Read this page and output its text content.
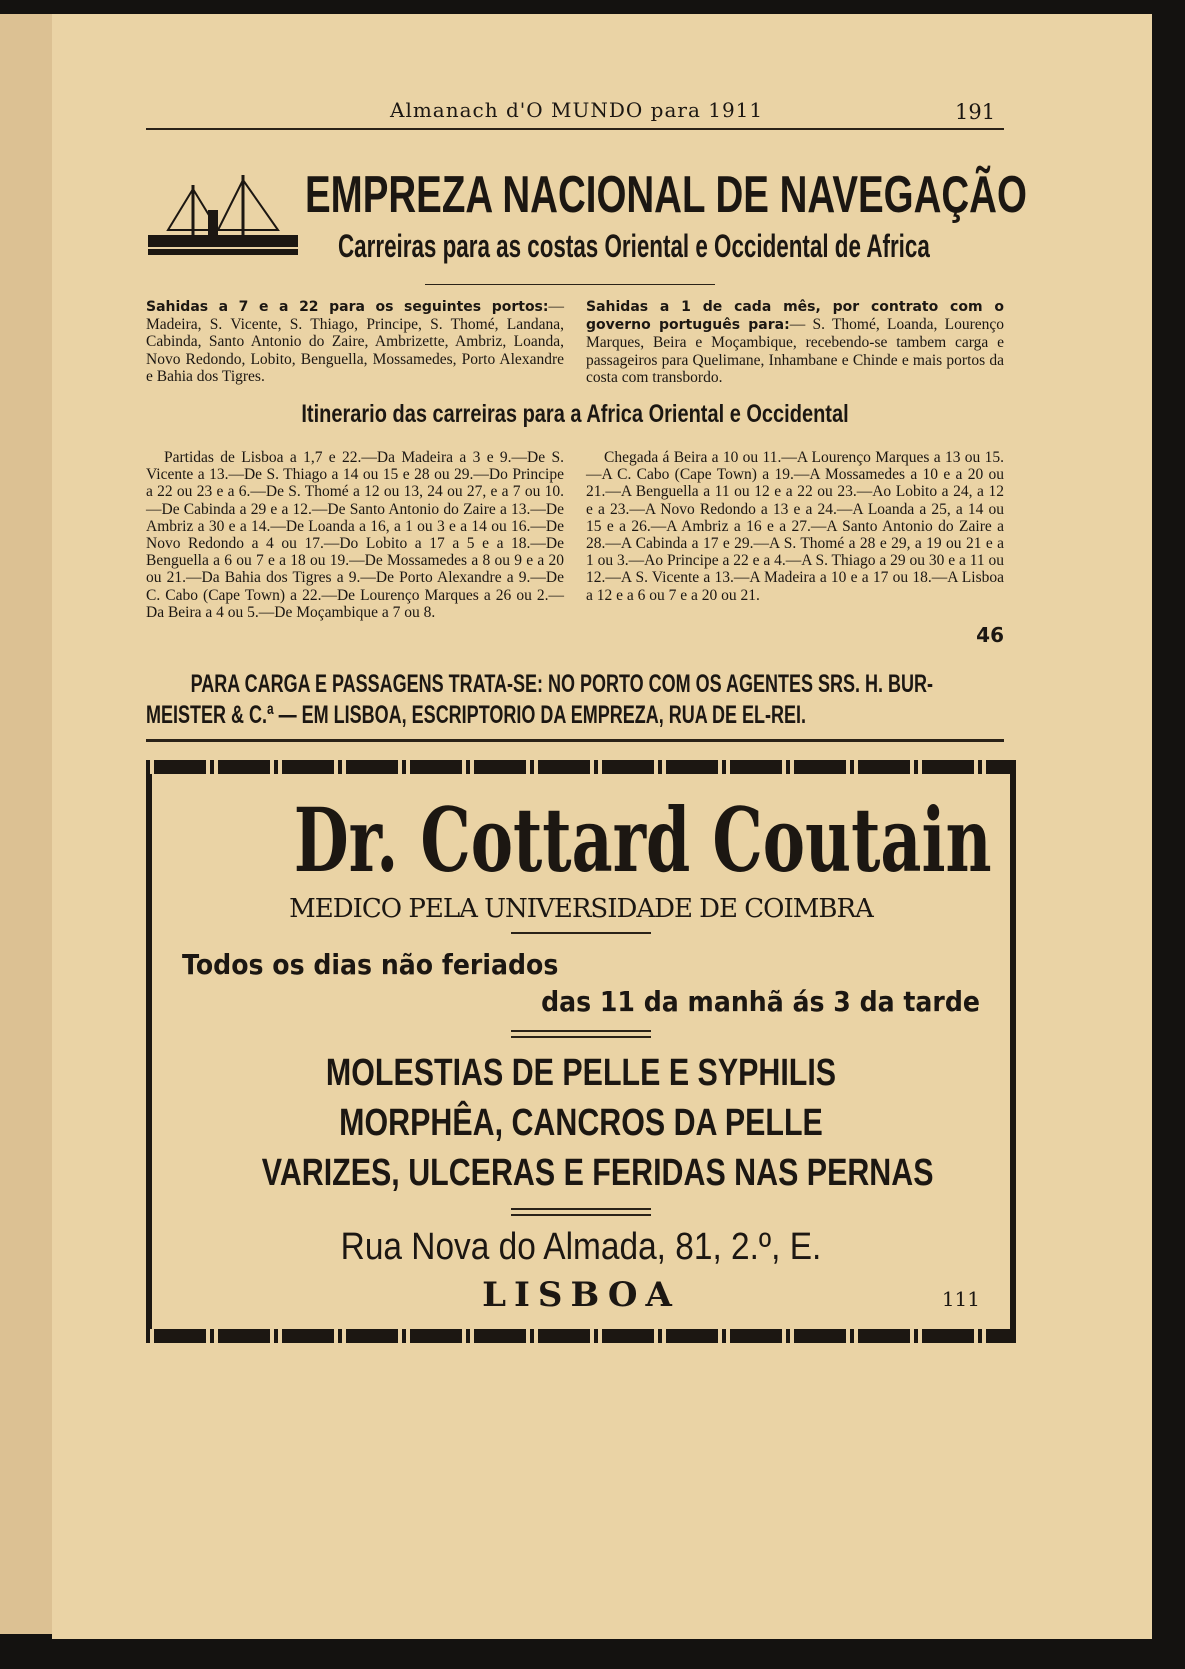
Almanach d'O MUNDO para 1911	191
EMPREZA NACIONAL DE NAVEGAÇÃO
Carreiras para as costas Oriental e Occidental de Africa
Sahidas a 7 e a 22 para os seguintes portos:—Madeira, S. Vicente, S. Thiago, Principe, S. Thomé, Landana, Cabinda, Santo Antonio do Zaire, Ambrizette, Ambriz, Loanda, Novo Redondo, Lobito, Benguella, Mossamedes, Porto Alexandre e Bahia dos Tigres.
Sahidas a 1 de cada mês, por contrato com o governo português para:— S. Thomé, Loanda, Lourenço Marques, Beira e Moçambique, recebendo-se tambem carga e passageiros para Quelimane, Inhambane e Chinde e mais portos da costa com transbordo.
Itinerario das carreiras para a Africa Oriental e Occidental
Partidas de Lisboa a 1,7 e 22.—Da Madeira a 3 e 9.—De S. Vicente a 13.—De S. Thiago a 14 ou 15 e 28 ou 29.—Do Principe a 22 ou 23 e a 6.—De S. Thomé a 12 ou 13, 24 ou 27, e a 7 ou 10.—De Cabinda a 29 e a 12.—De Santo Antonio do Zaire a 13.—De Ambriz a 30 e a 14.—De Loanda a 16, a 1 ou 3 e a 14 ou 16.—De Novo Redondo a 4 ou 17.—Do Lobito a 17 a 5 e a 18.—De Benguella a 6 ou 7 e a 18 ou 19.—De Mossamedes a 8 ou 9 e a 20 ou 21.—Da Bahia dos Tigres a 9.—De Porto Alexandre a 9.—De C. Cabo (Cape Town) a 22.—De Lourenço Marques a 26 ou 2.—Da Beira a 4 ou 5.—De Moçambique a 7 ou 8.
Chegada á Beira a 10 ou 11.—A Lourenço Marques a 13 ou 15.—A C. Cabo (Cape Town) a 19.—A Mossamedes a 10 e a 20 ou 21.—A Benguella a 11 ou 12 e a 22 ou 23.—Ao Lobito a 24, a 12 e a 23.—A Novo Redondo a 13 e a 24.—A Loanda a 25, a 14 ou 15 e a 26.—A Ambriz a 16 e a 27.—A Santo Antonio do Zaire a 28.—A Cabinda a 17 e 29.—A S. Thomé a 28 e 29, a 19 ou 21 e a 1 ou 3.—Ao Principe a 22 e a 4.—A S. Thiago a 29 ou 30 e a 11 ou 12.—A S. Vicente a 13.—A Madeira a 10 e a 17 ou 18.—A Lisboa a 12 e a 6 ou 7 e a 20 ou 21.
46
PARA CARGA E PASSAGENS TRATA-SE: NO PORTO COM OS AGENTES SRS. H. BUR-
MEISTER & C.ª — EM LISBOA, ESCRIPTORIO DA EMPREZA, RUA DE EL-REI.
Dr. Cottard Coutain
MEDICO PELA UNIVERSIDADE DE COIMBRA
Todos os dias não feriados
das 11 da manhã ás 3 da tarde
MOLESTIAS DE PELLE E SYPHILIS
MORPHÊA, CANCROS DA PELLE
VARIZES, ULCERAS E FERIDAS NAS PERNAS
Rua Nova do Almada, 81, 2.º, E.
LISBOA	111
